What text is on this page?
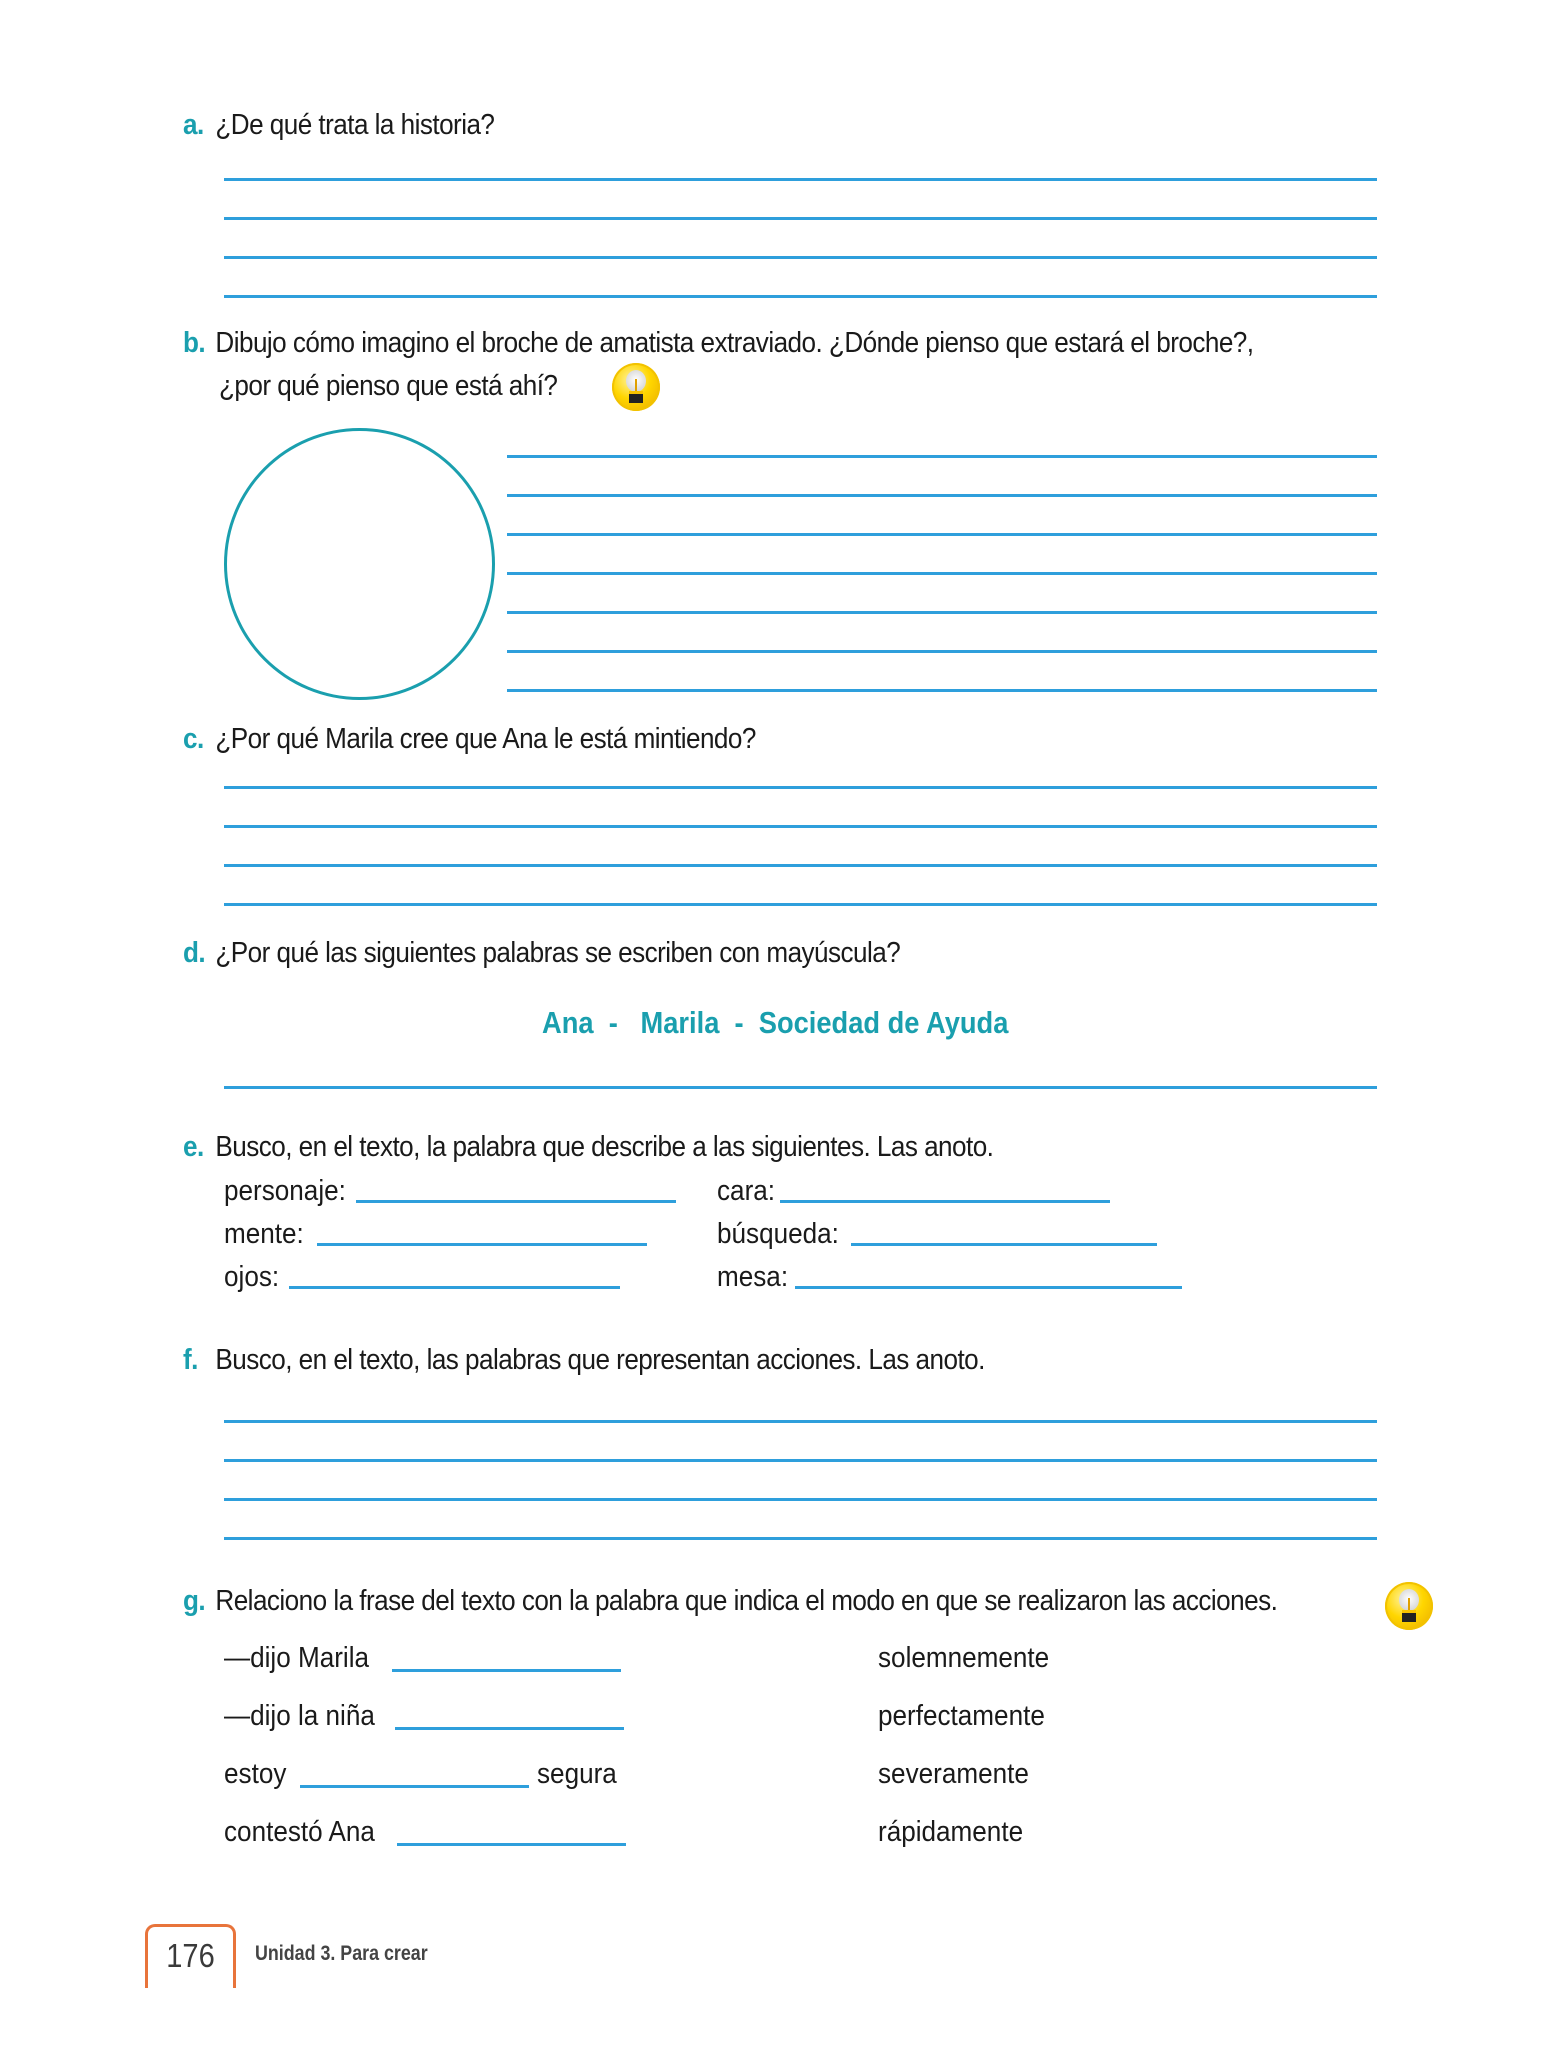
a. ¿De qué trata la historia?
b. Dibujo cómo imagino el broche de amatista extraviado. ¿Dónde pienso que estará el broche?,
¿por qué pienso que está ahí?
c. ¿Por qué Marila cree que Ana le está mintiendo?
d. ¿Por qué las siguientes palabras se escriben con mayúscula?
Ana  -   Marila  -  Sociedad de Ayuda
e. Busco, en el texto, la palabra que describe a las siguientes. Las anoto.
personaje:	cara:
mente:	búsqueda:
ojos:	mesa:
f. Busco, en el texto, las palabras que representan acciones. Las anoto.
g. Relaciono la frase del texto con la palabra que indica el modo en que se realizaron las acciones.
—dijo Marila	solemnemente
—dijo la niña	perfectamente
estoy	segura	severamente
contestó Ana	rápidamente
176	Unidad 3. Para crear
